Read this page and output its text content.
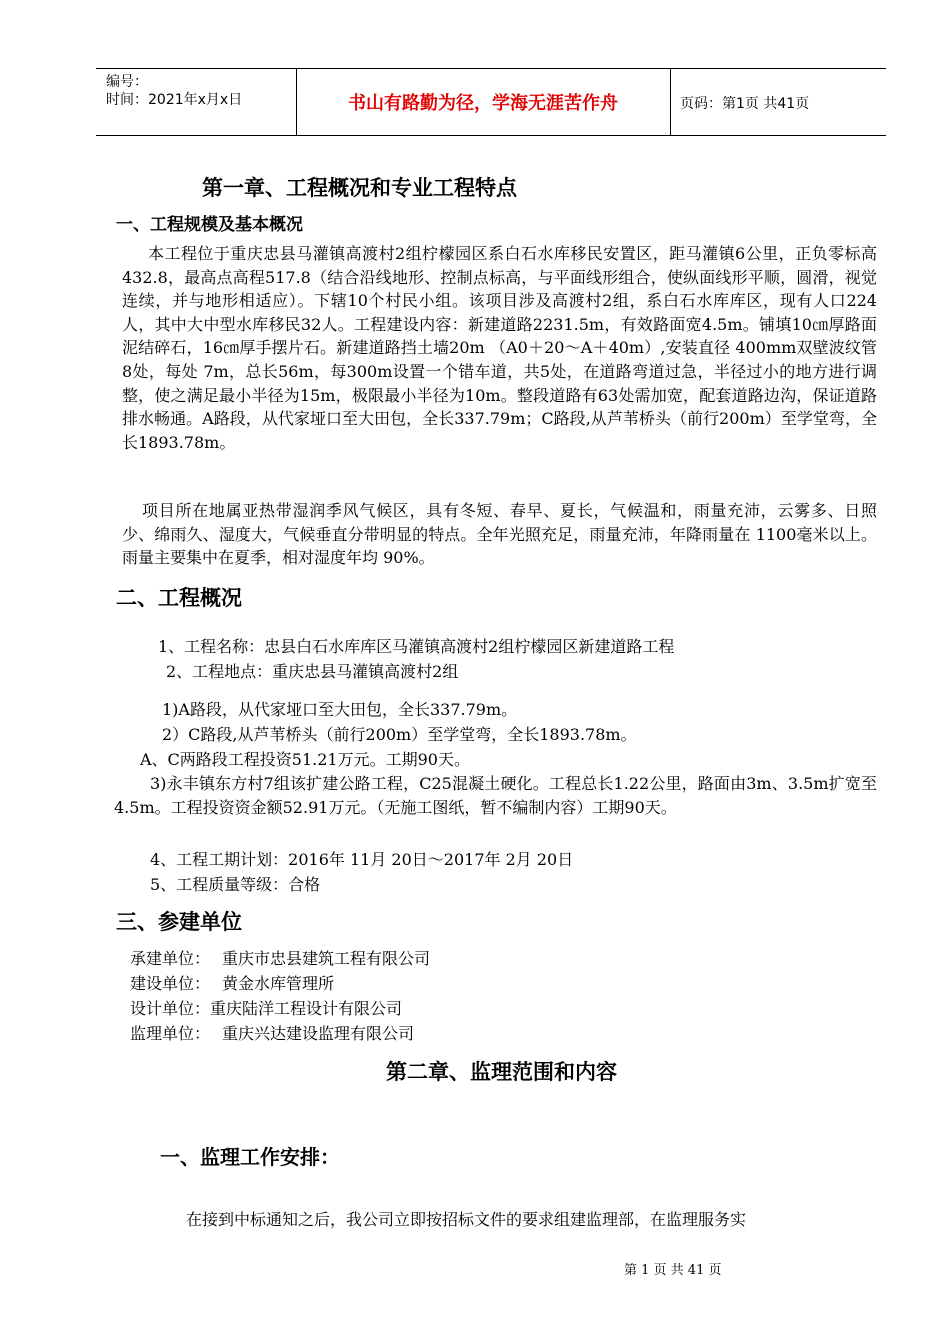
编号：
时间：2021年x月x日	书山有路勤为径，学海无涯苦作舟	页码：第1页 共41页
第一章、工程概况和专业工程特点
一、工程规模及基本概况
本工程位于重庆忠县马灌镇高渡村2组柠檬园区系白石水库移民安置区，距马灌镇6公里，正负零标高432.8，最高点高程517.8（结合沿线地形、控制点标高，与平面线形组合，使纵面线形平顺，圆滑，视觉连续，并与地形相适应）。下辖10个村民小组。该项目涉及高渡村2组，系白石水库库区，现有人口224人，其中大中型水库移民32人。工程建设内容：新建道路2231.5m，有效路面宽4.5m。铺填10㎝厚路面泥结碎石，16㎝厚手摆片石。新建道路挡土墙20m （A0＋20～A＋40m）,安装直径 400mm双壁波纹管8处，每处 7m，总长56m，每300m设置一个错车道，共5处，在道路弯道过急，半径过小的地方进行调整，使之满足最小半径为15m，极限最小半径为10m。整段道路有63处需加宽，配套道路边沟，保证道路排水畅通。A路段，从代家垭口至大田包，全长337.79m；C路段,从芦苇桥头（前行200m）至学堂弯，全长1893.78m。
项目所在地属亚热带湿润季风气候区，具有冬短、春早、夏长，气候温和，雨量充沛，云雾多、日照少、绵雨久、湿度大，气候垂直分带明显的特点。全年光照充足，雨量充沛，年降雨量在 1100毫米以上。雨量主要集中在夏季，相对湿度年均 90%。
二、工程概况
1、工程名称：忠县白石水库库区马灌镇高渡村2组柠檬园区新建道路工程
2、工程地点：重庆忠县马灌镇高渡村2组
1)A路段，从代家垭口至大田包，全长337.79m。
2）C路段,从芦苇桥头（前行200m）至学堂弯，全长1893.78m。
A、C两路段工程投资51.21万元。工期90天。
3)永丰镇东方村7组该扩建公路工程，C25混凝土硬化。工程总长1.22公里，路面由3m、3.5m扩宽至4.5m。工程投资资金额52.91万元。（无施工图纸，暂不编制内容）工期90天。
4、工程工期计划：2016年 11月 20日～2017年 2月 20日
5、工程质量等级：合格
三、参建单位
承建单位： 重庆市忠县建筑工程有限公司
建设单位： 黄金水库管理所
设计单位：重庆陆洋工程设计有限公司
监理单位： 重庆兴达建设监理有限公司
第二章、监理范围和内容
一、监理工作安排：
在接到中标通知之后，我公司立即按招标文件的要求组建监理部，在监理服务实
第 1 页 共 41 页
